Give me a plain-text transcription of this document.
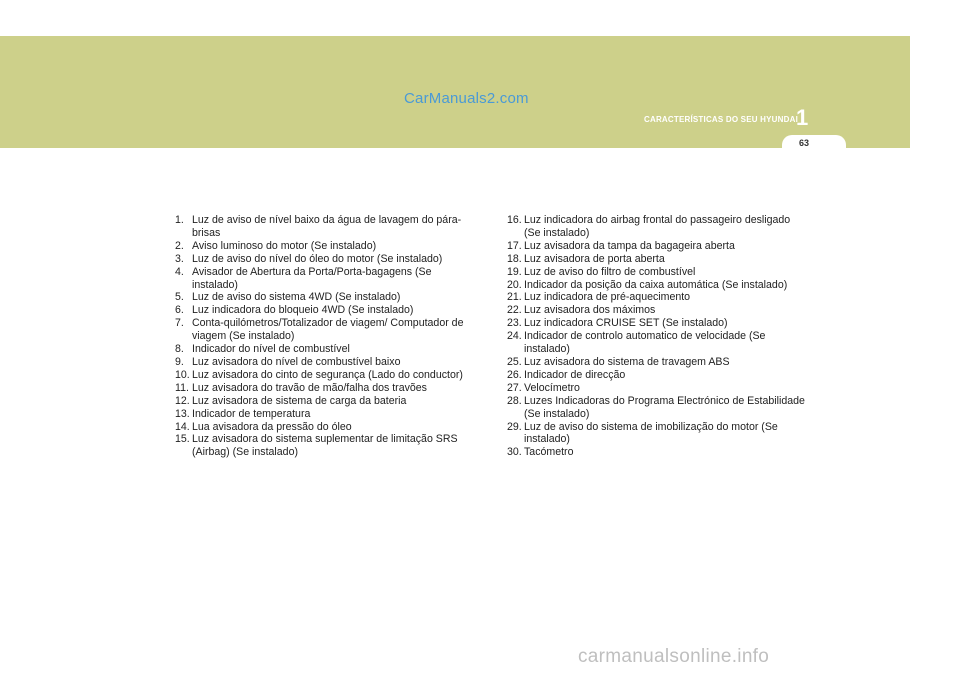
CarManuals2.com
CARACTERÍSTICAS DO SEU HYUNDAI
1
63
1. Luz de aviso de nível baixo da água de lavagem do pára-brisas
2. Aviso luminoso do motor (Se instalado)
3. Luz de aviso do nível do óleo do motor (Se instalado)
4. Avisador de Abertura da Porta/Porta-bagagens (Se instalado)
5. Luz de aviso do sistema 4WD (Se instalado)
6. Luz indicadora do bloqueio 4WD (Se instalado)
7. Conta-quilómetros/Totalizador de viagem/ Computador de viagem (Se instalado)
8. Indicador do nível de combustível
9. Luz avisadora do nível de combustível baixo
10. Luz avisadora do cinto de segurança (Lado do conductor)
11. Luz avisadora do travão de mão/falha dos travões
12. Luz avisadora de sistema de carga da bateria
13. Indicador de temperatura
14. Lua avisadora da pressão do óleo
15. Luz avisadora do sistema suplementar de limitação SRS (Airbag) (Se instalado)
16. Luz indicadora do airbag frontal do passageiro desligado (Se instalado)
17. Luz avisadora da tampa da bagageira aberta
18. Luz avisadora de porta aberta
19. Luz de aviso do filtro de combustível
20. Indicador da posição da caixa automática (Se instalado)
21. Luz indicadora de pré-aquecimento
22. Luz avisadora dos máximos
23. Luz indicadora CRUISE SET (Se instalado)
24. Indicador de controlo automatico de velocidade (Se instalado)
25. Luz avisadora do sistema de travagem ABS
26. Indicador de direcção
27. Velocímetro
28. Luzes Indicadoras do Programa Electrónico de Estabilidade (Se instalado)
29. Luz de aviso do sistema de imobilização do motor (Se instalado)
30. Tacómetro
carmanualsonline.info
